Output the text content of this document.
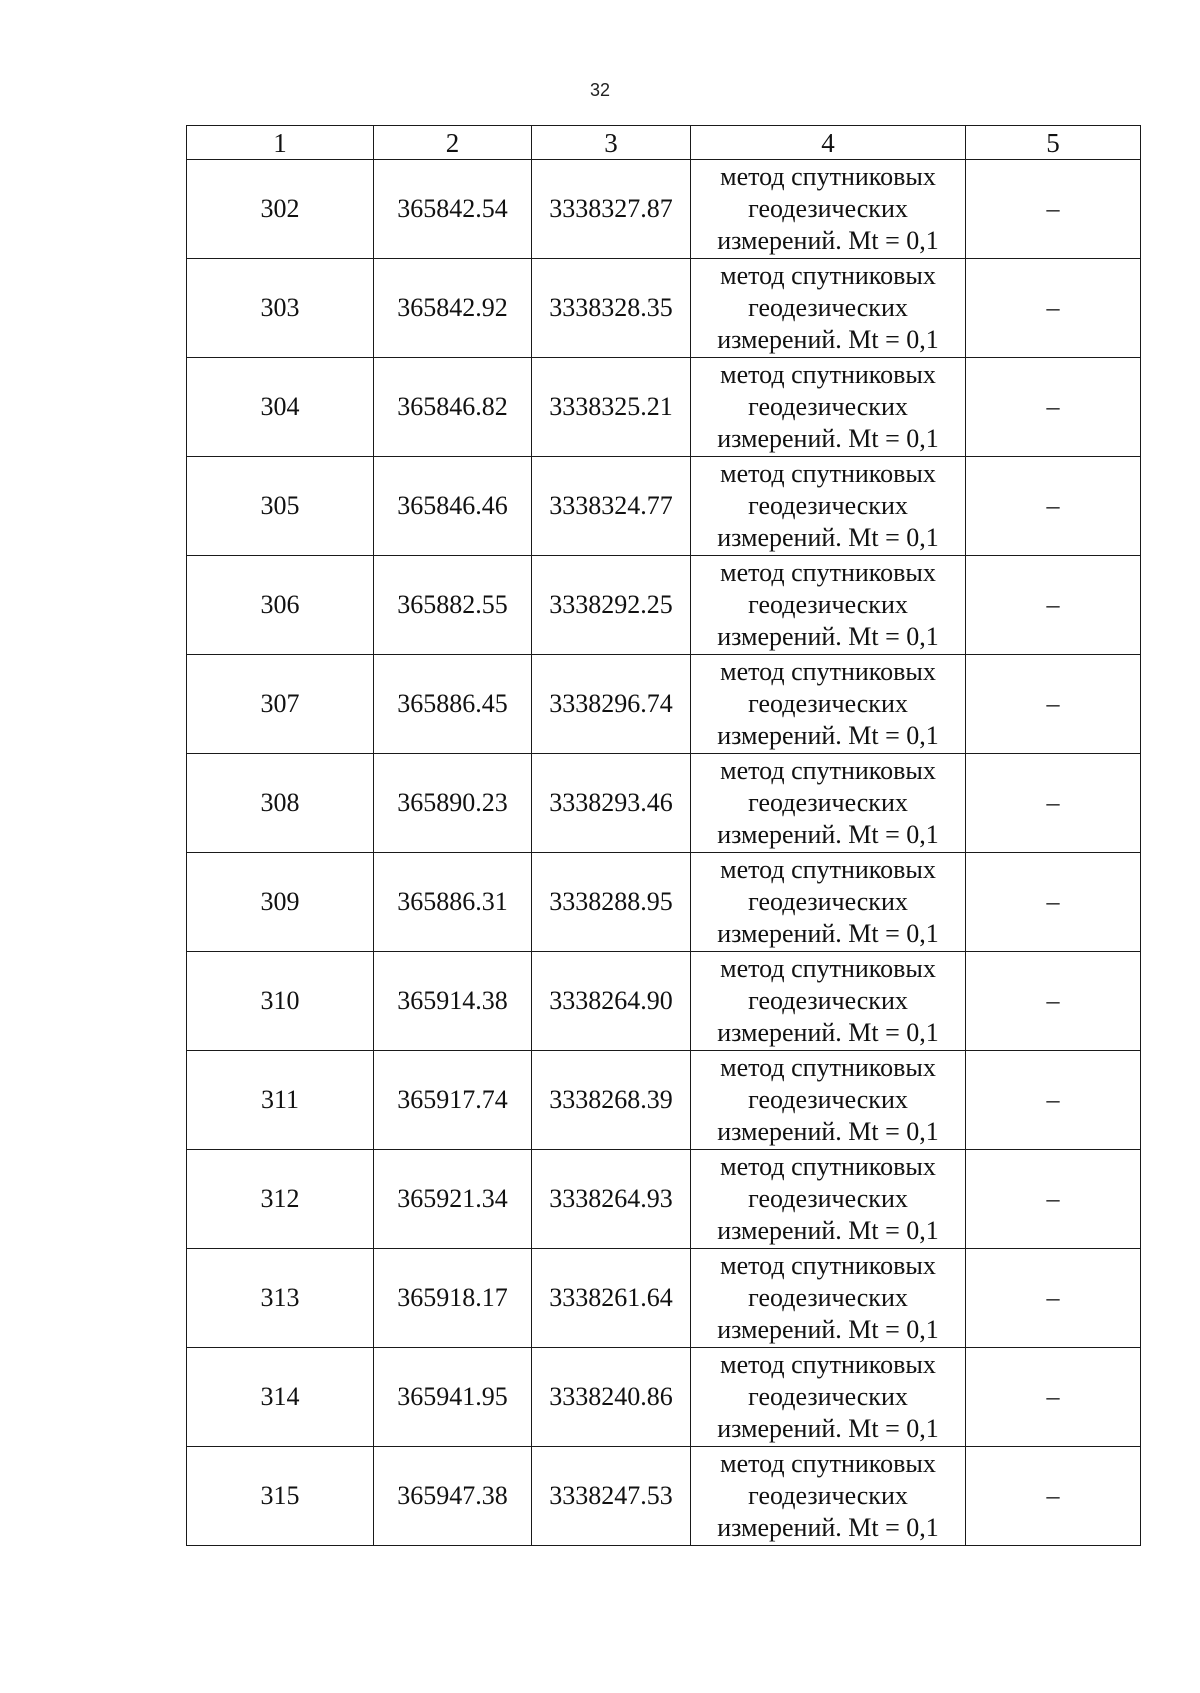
32
1	2	3	4	5
302	365842.54	3338327.87	метод спутниковых
геодезических
измерений. Mt = 0,1	–
303	365842.92	3338328.35	метод спутниковых
геодезических
измерений. Mt = 0,1	–
304	365846.82	3338325.21	метод спутниковых
геодезических
измерений. Mt = 0,1	–
305	365846.46	3338324.77	метод спутниковых
геодезических
измерений. Mt = 0,1	–
306	365882.55	3338292.25	метод спутниковых
геодезических
измерений. Mt = 0,1	–
307	365886.45	3338296.74	метод спутниковых
геодезических
измерений. Mt = 0,1	–
308	365890.23	3338293.46	метод спутниковых
геодезических
измерений. Mt = 0,1	–
309	365886.31	3338288.95	метод спутниковых
геодезических
измерений. Mt = 0,1	–
310	365914.38	3338264.90	метод спутниковых
геодезических
измерений. Mt = 0,1	–
311	365917.74	3338268.39	метод спутниковых
геодезических
измерений. Mt = 0,1	–
312	365921.34	3338264.93	метод спутниковых
геодезических
измерений. Mt = 0,1	–
313	365918.17	3338261.64	метод спутниковых
геодезических
измерений. Mt = 0,1	–
314	365941.95	3338240.86	метод спутниковых
геодезических
измерений. Mt = 0,1	–
315	365947.38	3338247.53	метод спутниковых
геодезических
измерений. Mt = 0,1	–
